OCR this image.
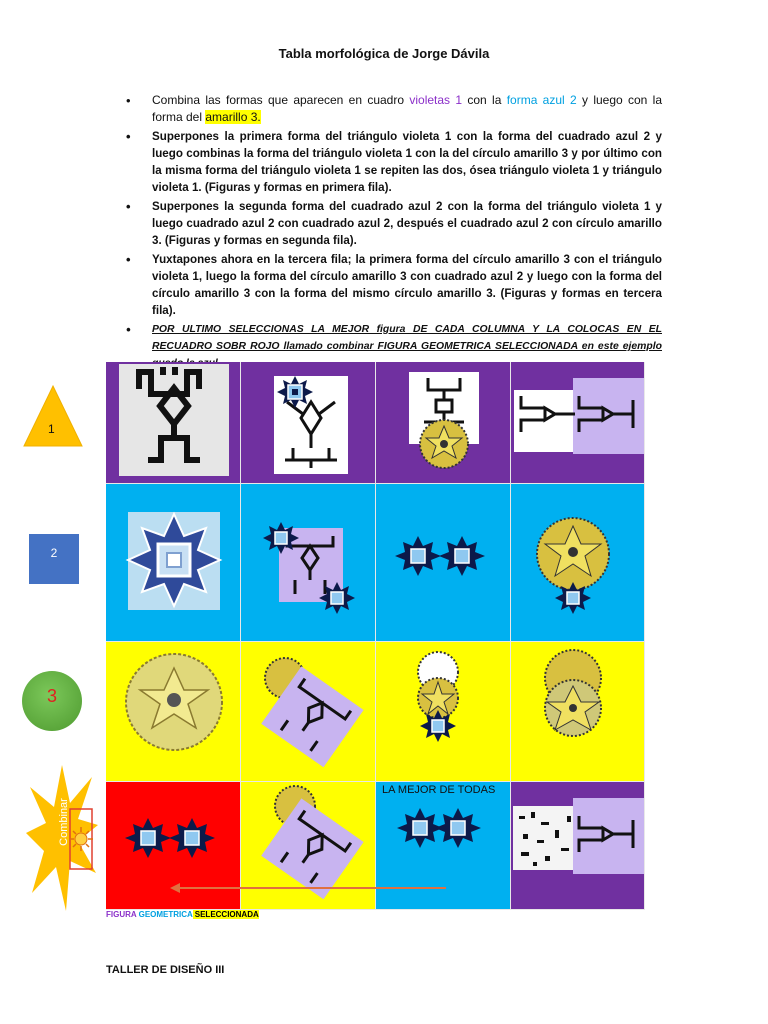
Tabla morfológica de Jorge Dávila
• Combina las formas que aparecen en cuadro violetas 1 con la forma azul 2 y luego con la forma del amarillo 3.
• Superpones la primera forma del triángulo violeta 1 con la forma del cuadrado azul 2 y luego combinas la forma del triángulo violeta 1 con la del círculo amarillo 3 y por último con la misma forma del triángulo violeta 1 se repiten las dos, ósea triángulo violeta 1 y triángulo violeta 1. (Figuras y formas en primera fila).
• Superpones la segunda forma del cuadrado azul 2 con la forma del triángulo violeta 1 y luego cuadrado azul 2 con cuadrado azul 2, después el cuadrado azul 2 con círculo amarillo 3. (Figuras y formas en segunda fila).
• Yuxtapones ahora en la tercera fila; la primera forma del círculo amarillo 3 con el triángulo violeta 1, luego la forma del círculo amarillo 3 con cuadrado azul 2 y luego con la forma del círculo amarillo 3 con la forma del mismo círculo amarillo 3. (Figuras y formas en tercera fila).
• POR ULTIMO SELECCIONAS LA MEJOR figura DE CADA COLUMNA Y LA COLOCAS EN EL RECUADRO SOBR ROJO llamado combinar FIGURA GEOMETRICA SELECCIONADA en este ejemplo
1
2
3
Combinar
LA MEJOR DE TODAS
FIGURA GEOMETRICA SELECCIONADA
TALLER DE DISEÑO III
